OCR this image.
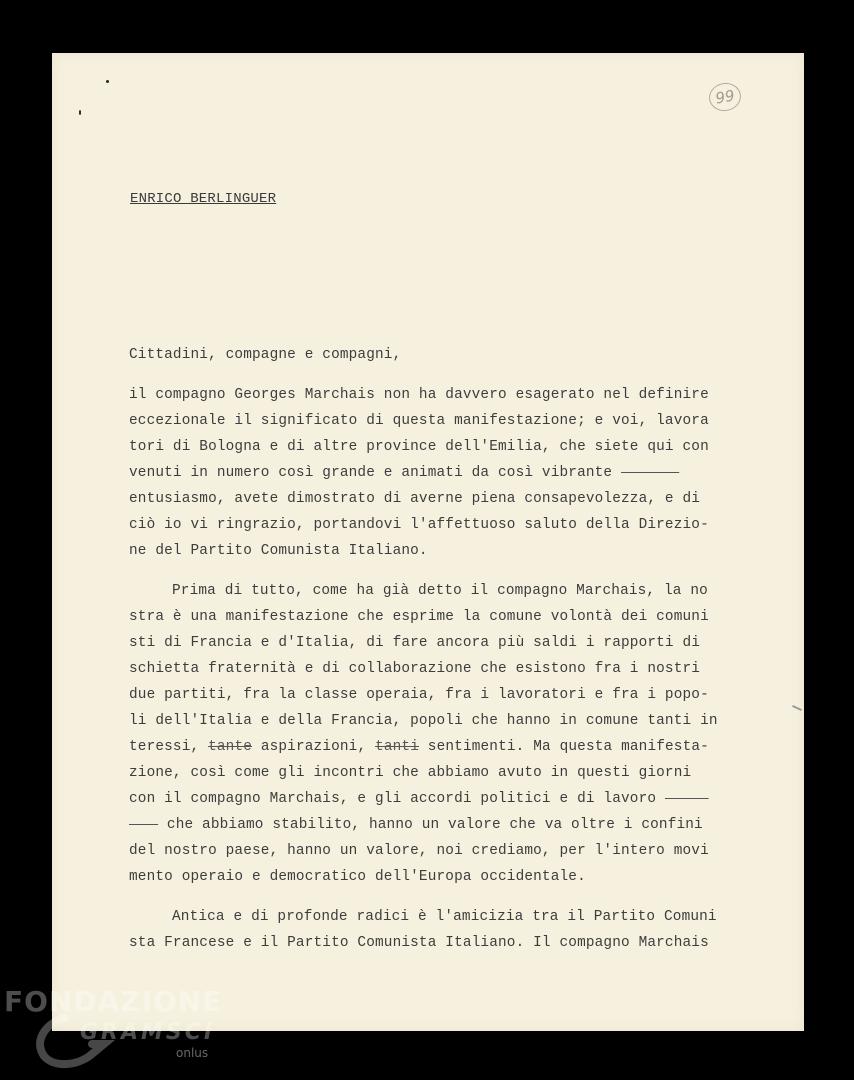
99
ENRICO BERLINGUER
Cittadini, compagne e compagni,
il compagno Georges Marchais non ha davvero esagerato nel definire
eccezionale il significato di questa manifestazione; e voi, lavora
tori di Bologna e di altre province dell'Emilia, che siete qui con
venuti in numero così grande e animati da così vibrante     
entusiasmo, avete dimostrato di averne piena consapevolezza, e di
ciò io vi ringrazio, portandovi l'affettuoso saluto della Direzio-
ne del Partito Comunista Italiano.
Prima di tutto, come ha già detto il compagno Marchais, la no
stra è una manifestazione che esprime la comune volontà dei comuni
sti di Francia e d'Italia, di fare ancora più saldi i rapporti di
schietta fraternità e di collaborazione che esistono fra i nostri
due partiti, fra la classe operaia, fra i lavoratori e fra i popo-
li dell'Italia e della Francia, popoli che hanno in comune tanti in
teressi, tante aspirazioni, tanti sentimenti. Ma questa manifesta-
zione, così come gli incontri che abbiamo avuto in questi giorni
con il compagno Marchais, e gli accordi politici e di lavoro    
   che abbiamo stabilito, hanno un valore che va oltre i confini
del nostro paese, hanno un valore, noi crediamo, per l'intero movi
mento operaio e democratico dell'Europa occidentale.
Antica e di profonde radici è l'amicizia tra il Partito Comuni
sta Francese e il Partito Comunista Italiano. Il compagno Marchais
FONDAZIONE
GRAMSCI
onlus
